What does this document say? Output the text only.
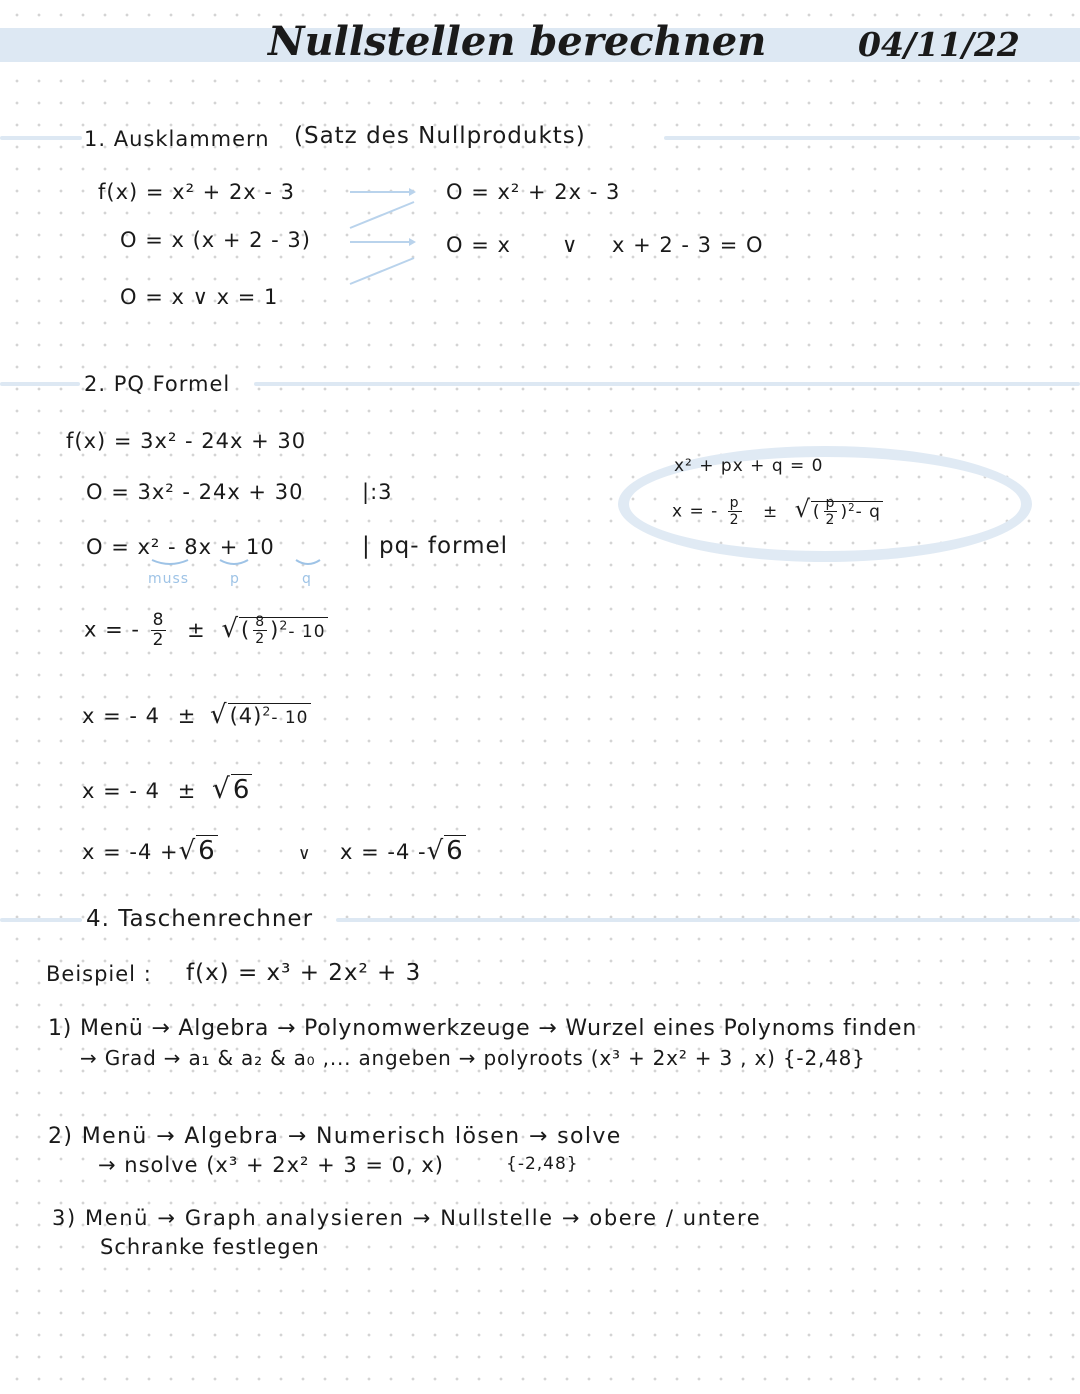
Nullstellen berechnen	04/11/22
1. Ausklammern (Satz des Nullprodukts)
f(x) = x² + 2x - 3
O = x (x + 2 - 3)
O = x ∨ x = 1
O = x² + 2x - 3
O = x ∨ x + 2 - 3 = O
2. PQ Formel
f(x) = 3x² - 24x + 30
O = 3x² - 24x + 30	|:3
O = x² - 8x + 10	| pq- formel
muss	p	q
x = - $\frac{8}{2}$ ± √( $\frac{8}{2} )^2-$ 10
x = - $4 \pm √(4)^2-$ 10
x = - 4 ± √6
x = -4 +√6	∨ x = -4 -√6
x² + px + q = 0
x = - $\frac{p}{2}$ ± √ ( $\frac{p}{2} )^2-$ q
4. Taschenrechner
Beispiel : f(x) = x³ + 2x² + 3
1) Menü → Algebra → Polynomwerkzeuge → Wurzel eines Polynoms finden
→ Grad → a₁ & a₂ & a₀ ,... angeben → polyroots (x³ + 2x² + 3 , x) {-2,48}
2) Menü → Algebra → Numerisch lösen → solve
→ nsolve (x³ + 2x² + 3 = 0, x)	{-2,48}
3) Menü → Graph analysieren → Nullstelle → obere / untere
Schranke festlegen
